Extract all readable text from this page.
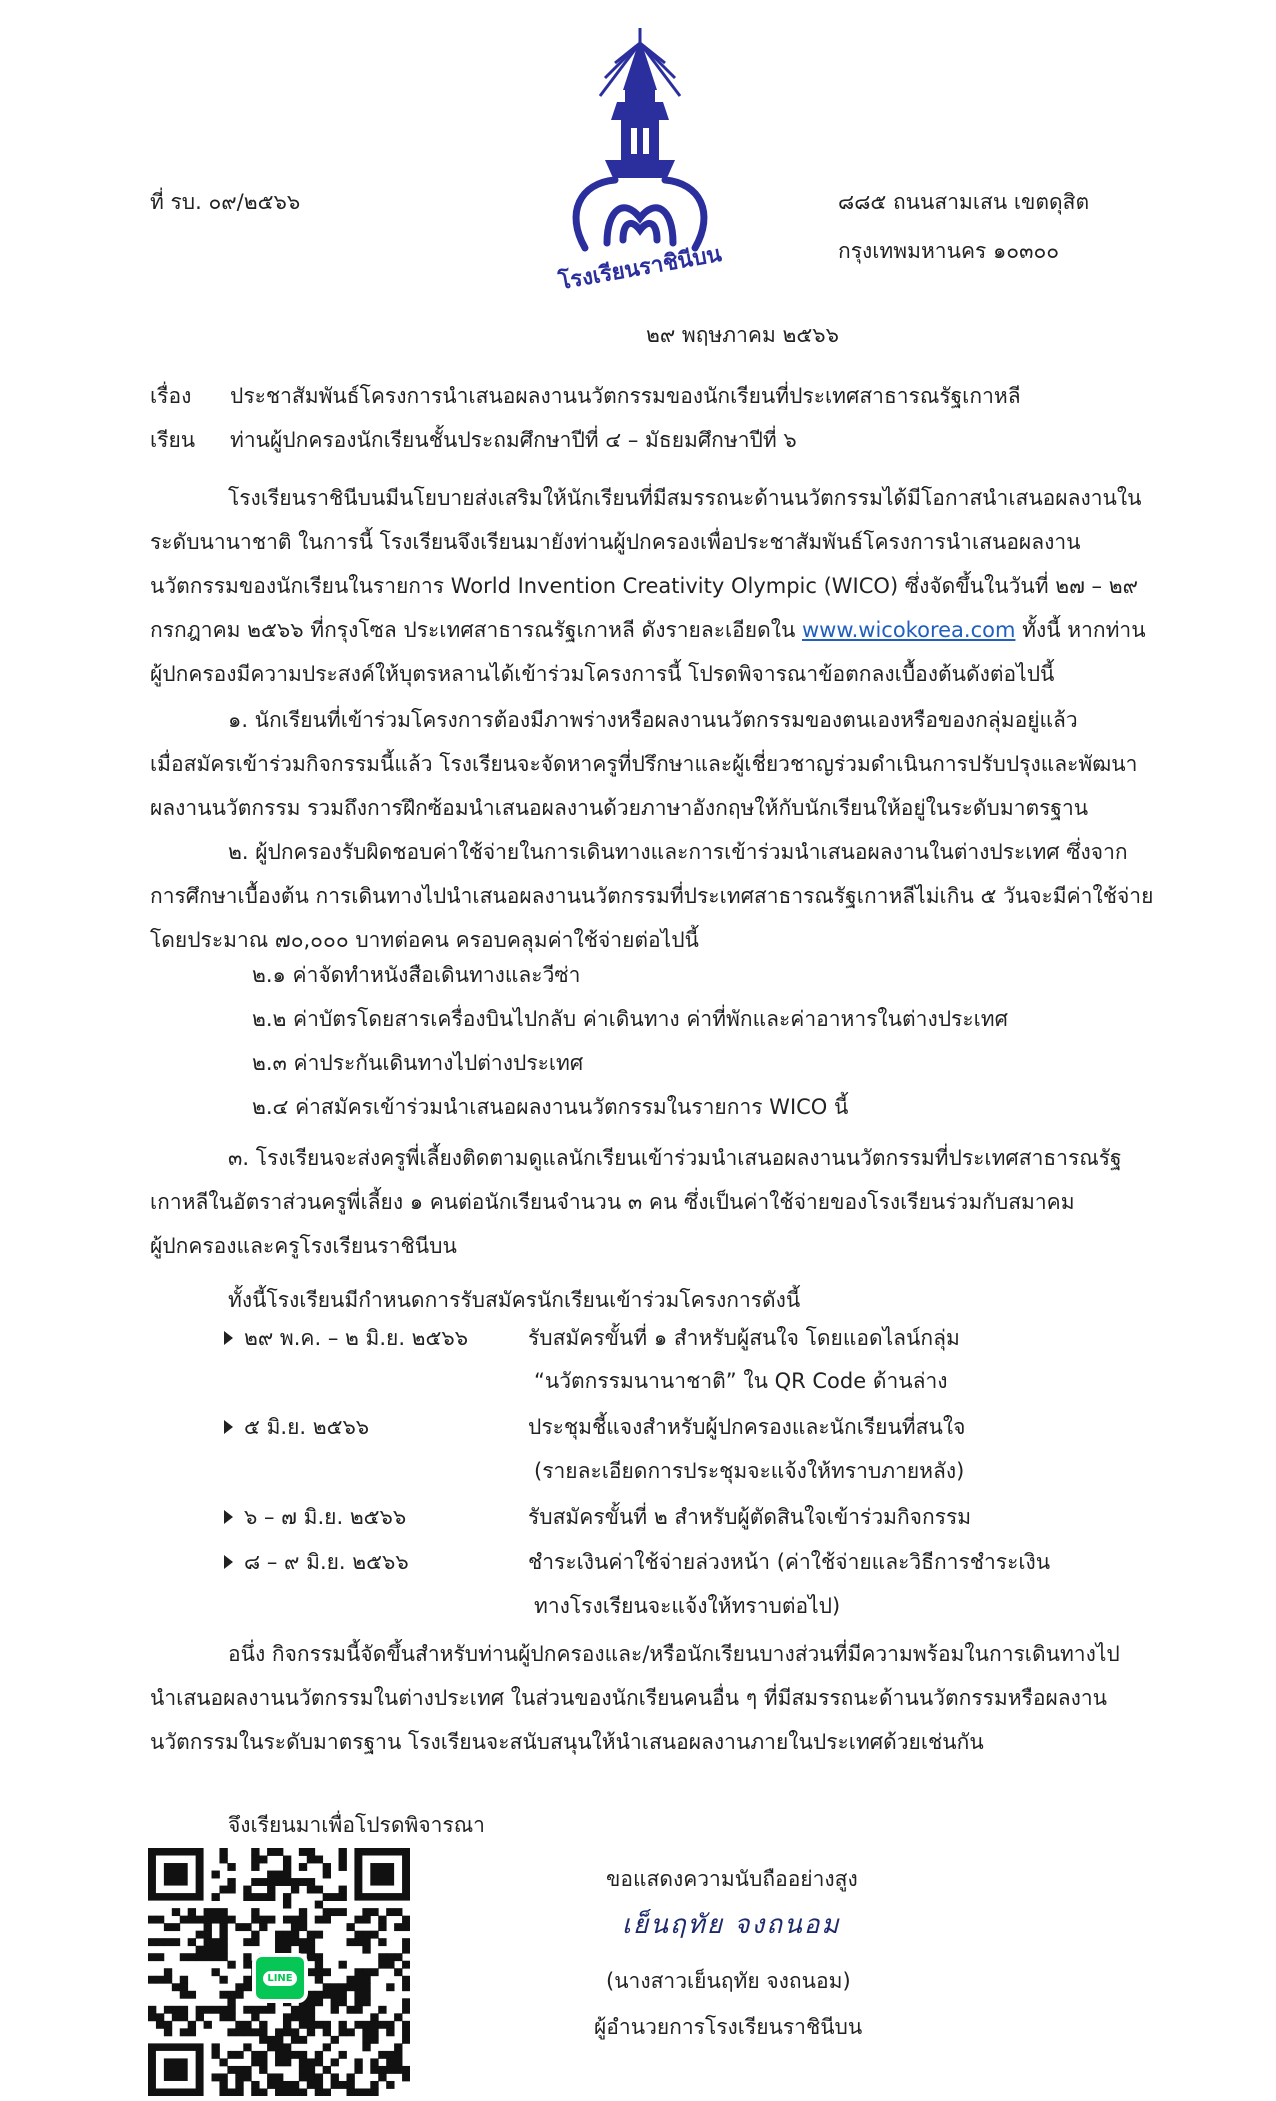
โรงเรียนราชินีบน
ที่ รบ. ๐๙/๒๕๖๖	๘๘๕ ถนนสามเสน เขตดุสิต
กรุงเทพมหานคร ๑๐๓๐๐
๒๙ พฤษภาคม ๒๕๖๖
เรื่อง ประชาสัมพันธ์โครงการนำเสนอผลงานนวัตกรรมของนักเรียนที่ประเทศสาธารณรัฐเกาหลี
เรียน ท่านผู้ปกครองนักเรียนชั้นประถมศึกษาปีที่ ๔ – มัธยมศึกษาปีที่ ๖
โรงเรียนราชินีบนมีนโยบายส่งเสริมให้นักเรียนที่มีสมรรถนะด้านนวัตกรรมได้มีโอกาสนำเสนอผลงานใน
ระดับนานาชาติ ในการนี้ โรงเรียนจึงเรียนมายังท่านผู้ปกครองเพื่อประชาสัมพันธ์โครงการนำเสนอผลงาน
นวัตกรรมของนักเรียนในรายการ World Invention Creativity Olympic (WICO) ซึ่งจัดขึ้นในวันที่ ๒๗ – ๒๙
กรกฎาคม ๒๕๖๖ ที่กรุงโซล ประเทศสาธารณรัฐเกาหลี ดังรายละเอียดใน www.wicokorea.com ทั้งนี้ หากท่าน
ผู้ปกครองมีความประสงค์ให้บุตรหลานได้เข้าร่วมโครงการนี้ โปรดพิจารณาข้อตกลงเบื้องต้นดังต่อไปนี้
๑. นักเรียนที่เข้าร่วมโครงการต้องมีภาพร่างหรือผลงานนวัตกรรมของตนเองหรือของกลุ่มอยู่แล้ว
เมื่อสมัครเข้าร่วมกิจกรรมนี้แล้ว โรงเรียนจะจัดหาครูที่ปรึกษาและผู้เชี่ยวชาญร่วมดำเนินการปรับปรุงและพัฒนา
ผลงานนวัตกรรม รวมถึงการฝึกซ้อมนำเสนอผลงานด้วยภาษาอังกฤษให้กับนักเรียนให้อยู่ในระดับมาตรฐาน
๒. ผู้ปกครองรับผิดชอบค่าใช้จ่ายในการเดินทางและการเข้าร่วมนำเสนอผลงานในต่างประเทศ ซึ่งจาก
การศึกษาเบื้องต้น การเดินทางไปนำเสนอผลงานนวัตกรรมที่ประเทศสาธารณรัฐเกาหลีไม่เกิน ๕ วันจะมีค่าใช้จ่าย
โดยประมาณ ๗๐,๐๐๐ บาทต่อคน ครอบคลุมค่าใช้จ่ายต่อไปนี้
๒.๑ ค่าจัดทำหนังสือเดินทางและวีซ่า
๒.๒ ค่าบัตรโดยสารเครื่องบินไปกลับ ค่าเดินทาง ค่าที่พักและค่าอาหารในต่างประเทศ
๒.๓ ค่าประกันเดินทางไปต่างประเทศ
๒.๔ ค่าสมัครเข้าร่วมนำเสนอผลงานนวัตกรรมในรายการ WICO นี้
๓. โรงเรียนจะส่งครูพี่เลี้ยงติดตามดูแลนักเรียนเข้าร่วมนำเสนอผลงานนวัตกรรมที่ประเทศสาธารณรัฐ
เกาหลีในอัตราส่วนครูพี่เลี้ยง ๑ คนต่อนักเรียนจำนวน ๓ คน ซึ่งเป็นค่าใช้จ่ายของโรงเรียนร่วมกับสมาคม
ผู้ปกครองและครูโรงเรียนราชินีบน
ทั้งนี้โรงเรียนมีกำหนดการรับสมัครนักเรียนเข้าร่วมโครงการดังนี้
๒๙ พ.ค. – ๒ มิ.ย. ๒๕๖๖	รับสมัครขั้นที่ ๑ สำหรับผู้สนใจ โดยแอดไลน์กลุ่ม
“นวัตกรรมนานาชาติ” ใน QR Code ด้านล่าง
๕ มิ.ย. ๒๕๖๖	ประชุมชี้แจงสำหรับผู้ปกครองและนักเรียนที่สนใจ
(รายละเอียดการประชุมจะแจ้งให้ทราบภายหลัง)
๖ – ๗ มิ.ย. ๒๕๖๖	รับสมัครขั้นที่ ๒ สำหรับผู้ตัดสินใจเข้าร่วมกิจกรรม
๘ – ๙ มิ.ย. ๒๕๖๖	ชำระเงินค่าใช้จ่ายล่วงหน้า (ค่าใช้จ่ายและวิธีการชำระเงิน
ทางโรงเรียนจะแจ้งให้ทราบต่อไป)
อนึ่ง กิจกรรมนี้จัดขึ้นสำหรับท่านผู้ปกครองและ/หรือนักเรียนบางส่วนที่มีความพร้อมในการเดินทางไป
นำเสนอผลงานนวัตกรรมในต่างประเทศ ในส่วนของนักเรียนคนอื่น ๆ ที่มีสมรรถนะด้านนวัตกรรมหรือผลงาน
นวัตกรรมในระดับมาตรฐาน โรงเรียนจะสนับสนุนให้นำเสนอผลงานภายในประเทศด้วยเช่นกัน
จึงเรียนมาเพื่อโปรดพิจารณา
LINE
ขอแสดงความนับถืออย่างสูง
เย็นฤทัย จงถนอม
(นางสาวเย็นฤทัย จงถนอม)
ผู้อำนวยการโรงเรียนราชินีบน
